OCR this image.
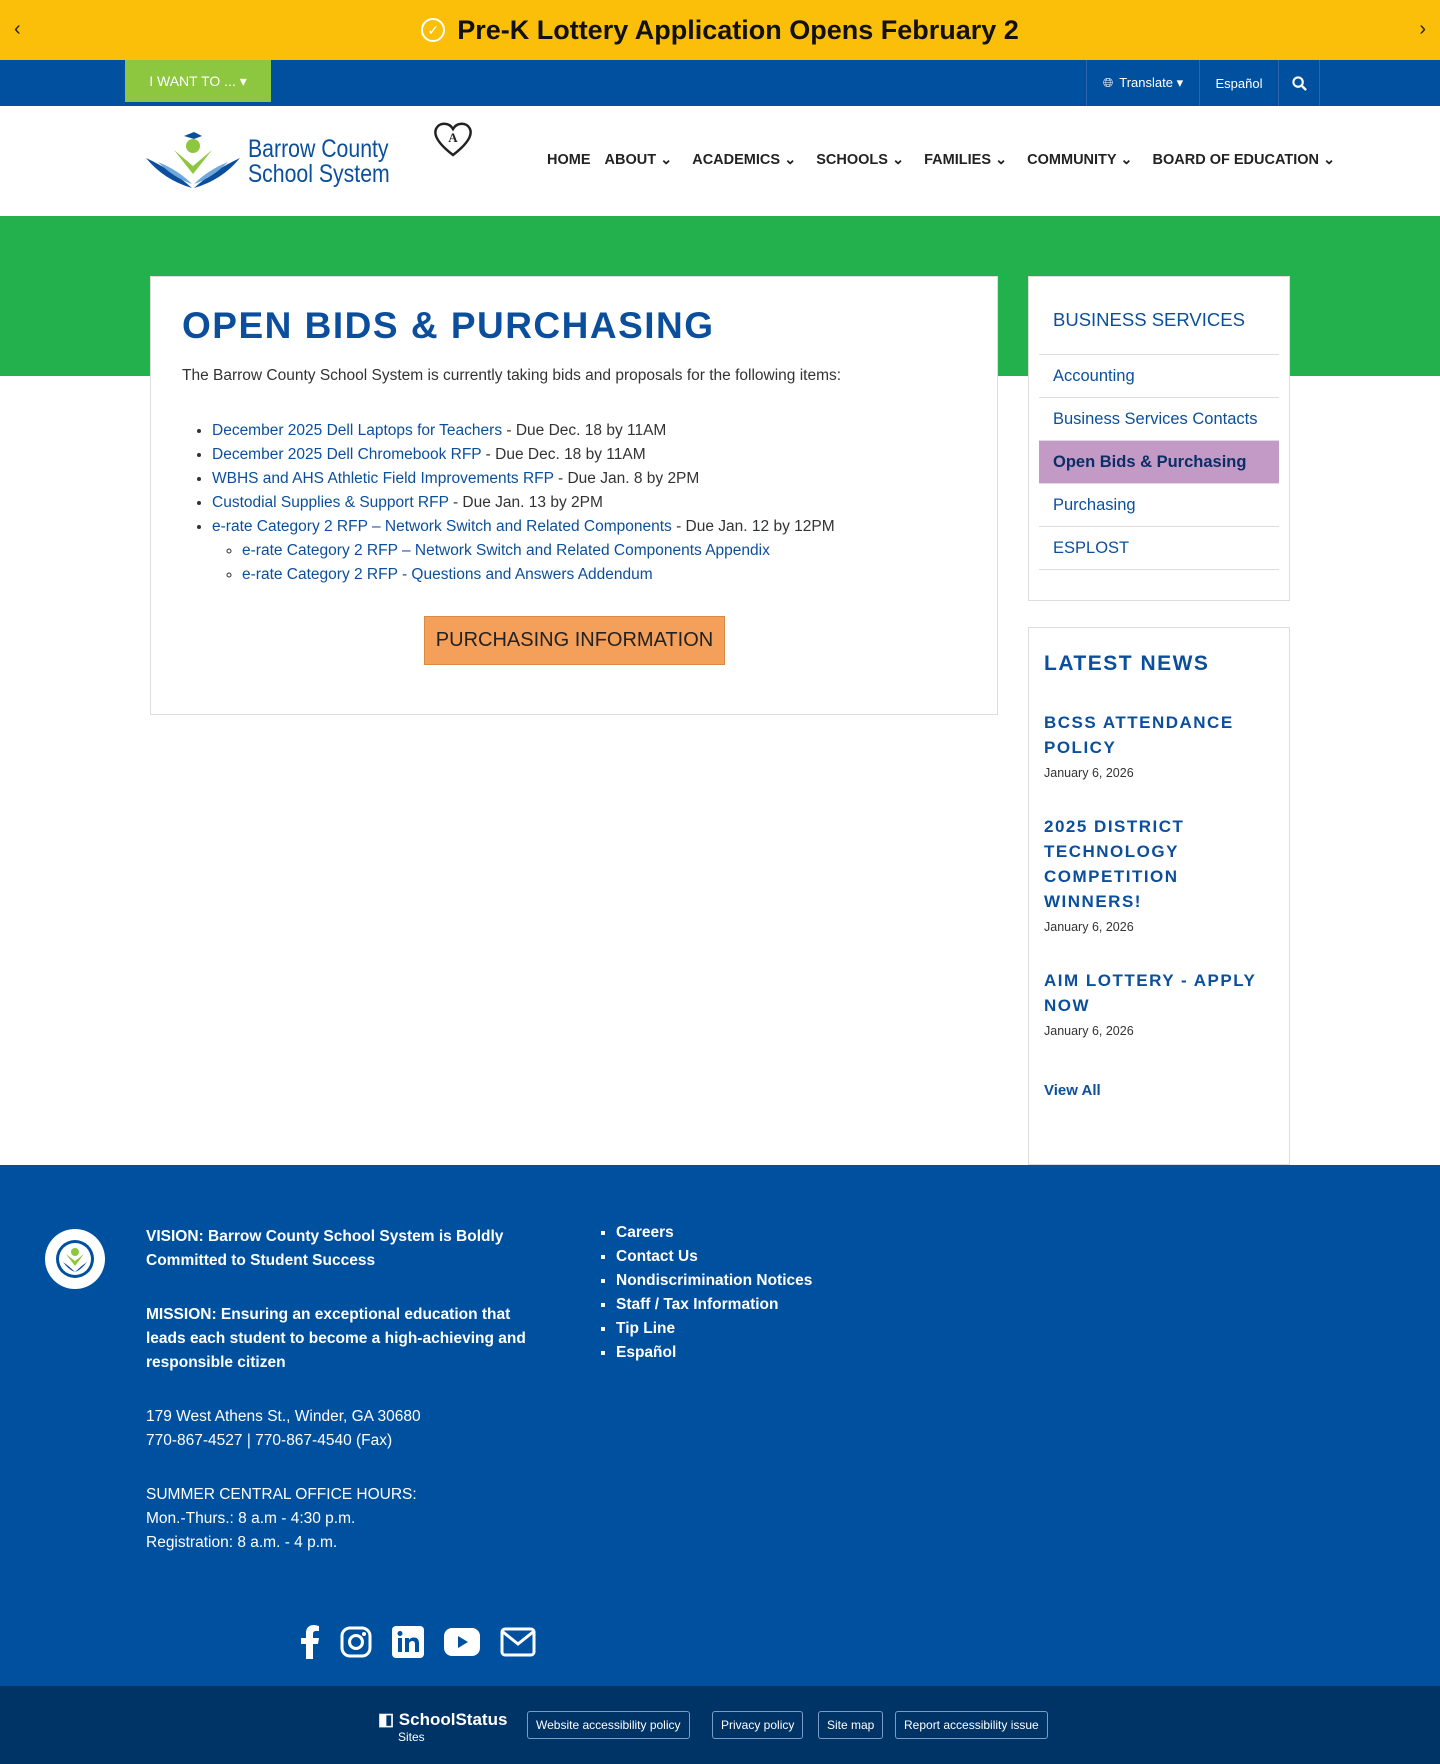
‹	✓ Pre-K Lottery Application Opens February 2	›
I WANT TO ... ▾	🌐︎ Translate ▾	Español
Barrow County
School System
A
HOME ABOUT ⌄ ACADEMICS ⌄ SCHOOLS ⌄ FAMILIES ⌄ COMMUNITY ⌄ BOARD OF EDUCATION ⌄
OPEN BIDS & PURCHASING

The Barrow County School System is currently taking bids and proposals for the following items:

• December 2025 Dell Laptops for Teachers - Due Dec. 18 by 11AM
• December 2025 Dell Chromebook RFP - Due Dec. 18 by 11AM
• WBHS and AHS Athletic Field Improvements RFP - Due Jan. 8 by 2PM
• Custodial Supplies & Support RFP - Due Jan. 13 by 2PM
• e-rate Category 2 RFP – Network Switch and Related Components - Due Jan. 12 by 12PM
◦ e-rate Category 2 RFP – Network Switch and Related Components Appendix
◦ e-rate Category 2 RFP - Questions and Answers Addendum
PURCHASING INFORMATION
BUSINESS SERVICES
Accounting
Business Services Contacts
Open Bids & Purchasing
Purchasing
ESPLOST
LATEST NEWS
BCSS ATTENDANCE POLICY
January 6, 2026
2025 DISTRICT TECHNOLOGY COMPETITION WINNERS!
January 6, 2026
AIM LOTTERY - APPLY NOW
January 6, 2026
View All

VISION: Barrow County School System is Boldly Committed to Student Success

MISSION: Ensuring an exceptional education that leads each student to become a high-achieving and responsible citizen

179 West Athens St., Winder, GA 30680
770-867-4527 | 770-867-4540 (Fax)

SUMMER CENTRAL OFFICE HOURS:
Mon.-Thurs.: 8 a.m - 4:30 p.m.
Registration: 8 a.m. - 4 p.m.

▪ Careers
▪ Contact Us
▪ Nondiscrimination Notices
▪ Staff / Tax Information
▪ Tip Line
▪ Español
◧ SchoolStatus
Sites
Website accessibility policy	Privacy policy	Site map	Report accessibility issue
